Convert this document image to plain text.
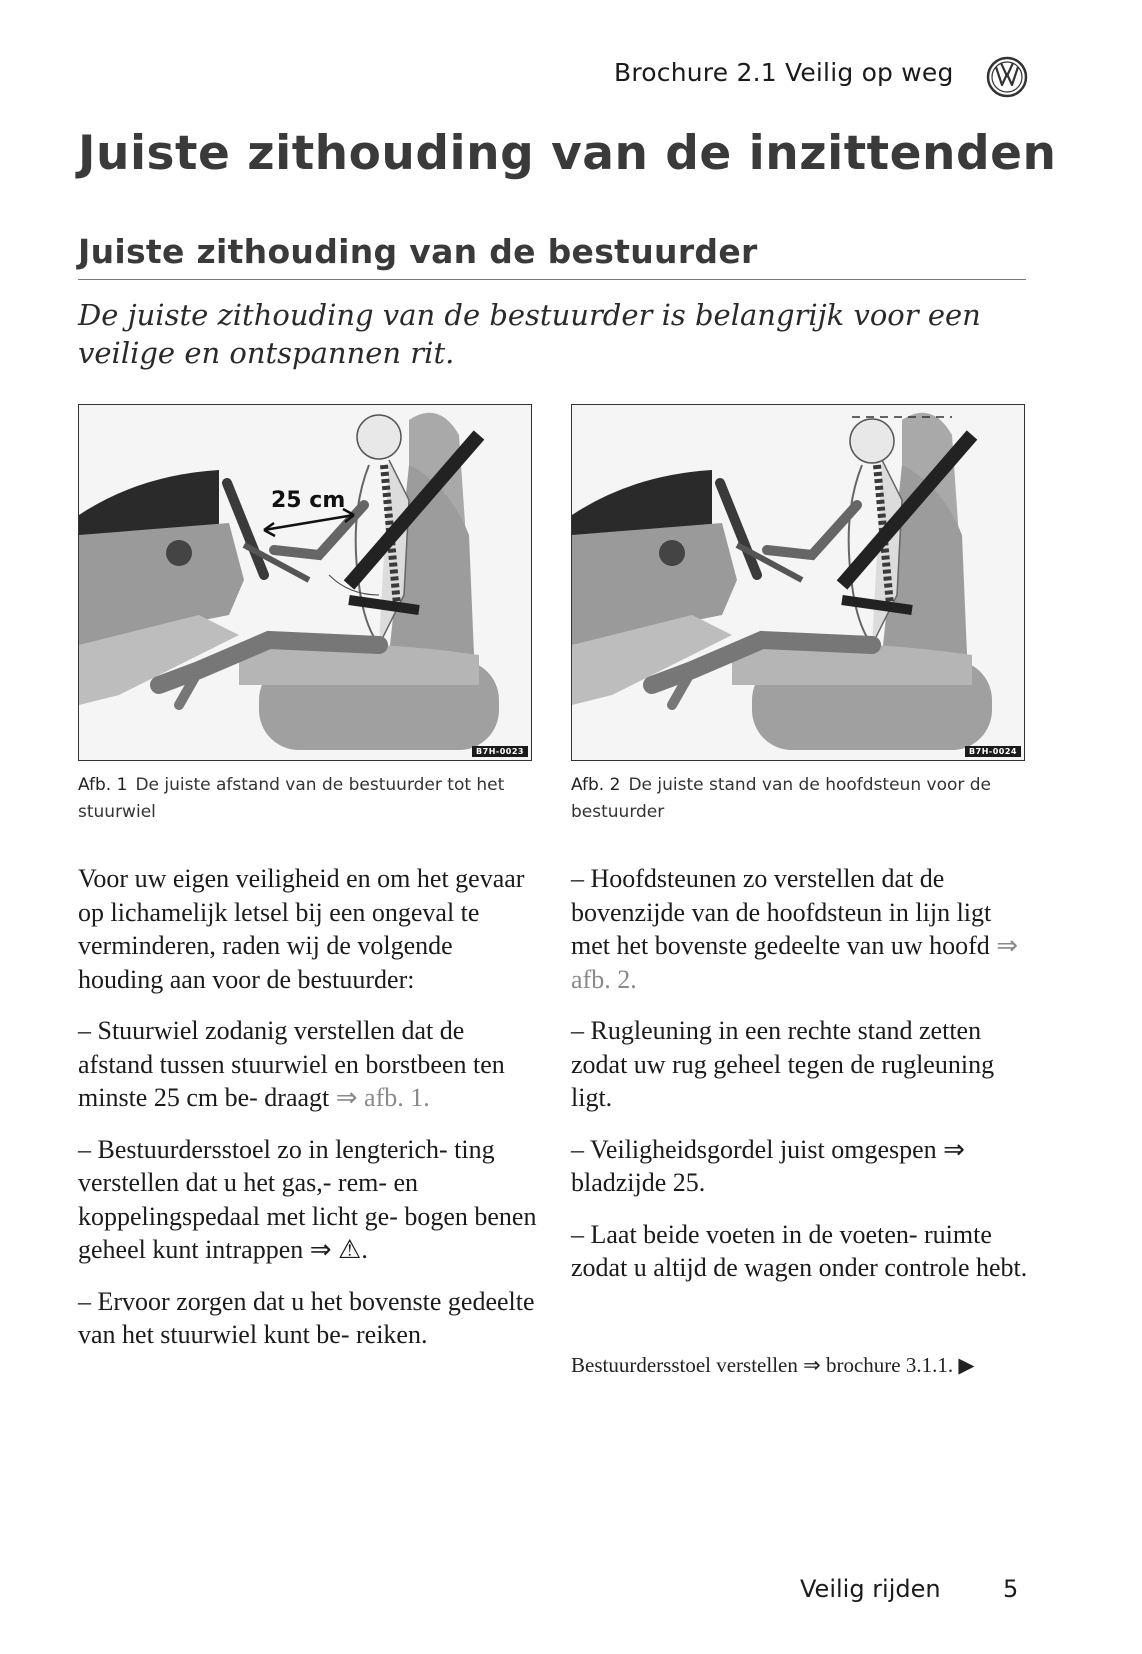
Brochure 2.1 Veilig op weg
Juiste zithouding van de inzittenden
Juiste zithouding van de bestuurder

De juiste zithouding van de bestuurder is belangrijk voor een veilige en ontspannen rit.

25 cm
B7H-0023	B7H-0024

Afb. 1 De juiste afstand van de bestuurder tot het stuurwiel

Afb. 2 De juiste stand van de hoofdsteun voor de bestuurder

Voor uw eigen veiligheid en om het gevaar op lichamelijk letsel bij een ongeval te verminderen, raden wij de volgende houding aan voor de bestuurder:

– Stuurwiel zodanig verstellen dat de afstand tussen stuurwiel en borstbeen ten minste 25 cm be- draagt ⇒ afb. 1.

– Bestuurdersstoel zo in lengterich- ting verstellen dat u het gas,- rem- en koppelingspedaal met licht ge- bogen benen geheel kunt intrappen ⇒ ⚠.

– Ervoor zorgen dat u het bovenste gedeelte van het stuurwiel kunt be- reiken.

– Hoofdsteunen zo verstellen dat de bovenzijde van de hoofdsteun in lijn ligt met het bovenste gedeelte van uw hoofd ⇒ afb. 2.

– Rugleuning in een rechte stand zetten zodat uw rug geheel tegen de rugleuning ligt.

– Veiligheidsgordel juist omgespen ⇒ bladzijde 25.

– Laat beide voeten in de voeten- ruimte zodat u altijd de wagen onder controle hebt.

Bestuurdersstoel verstellen ⇒ brochure 3.1.1. ▶
Veilig rijden	5
